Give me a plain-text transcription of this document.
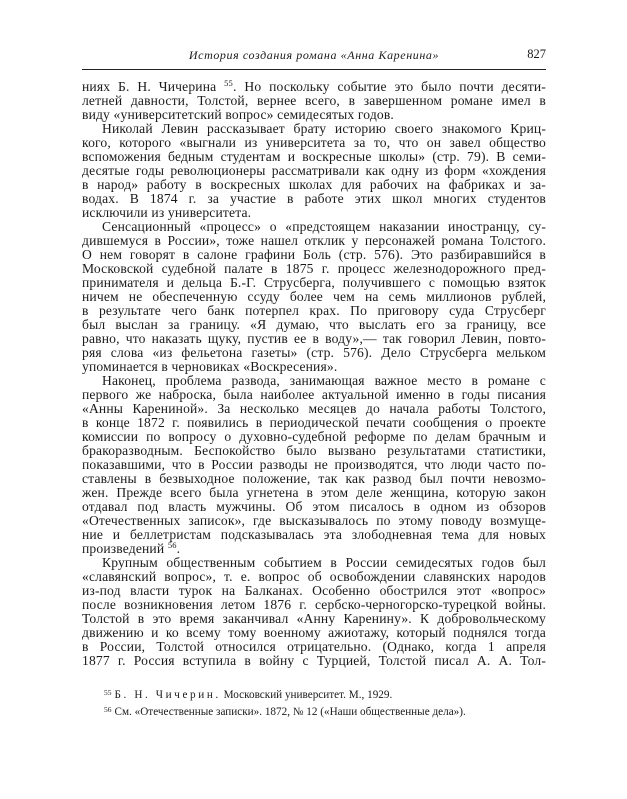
История создания романа «Анна Каренина»	827
ниях Б. Н. Чичерина $^{55}$. Но поскольку событие это было почти десяти-
летней давности, Толстой, вернее всего, в завершенном романе имел в
виду «университетский вопрос» семидесятых годов.
Николай Левин рассказывает брату историю своего знакомого Криц-
кого, которого «выгнали из университета за то, что он завел общество
вспоможения бедным студентам и воскресные школы» (стр. 79). В семи-
десятые годы революционеры рассматривали как одну из форм «хождения
в народ» работу в воскресных школах для рабочих на фабриках и за-
водах. В 1874 г. за участие в работе этих школ многих студентов
исключили из университета.
Сенсационный «процесс» о «предстоящем наказании иностранцу, су-
дившемуся в России», тоже нашел отклик у персонажей романа Толстого.
О нем говорят в салоне графини Боль (стр. 576). Это разбиравшийся в
Московской судебной палате в 1875 г. процесс железнодорожного пред-
принимателя и дельца Б.-Г. Струсберга, получившего с помощью взяток
ничем не обеспеченную ссуду более чем на семь миллионов рублей,
в результате чего банк потерпел крах. По приговору суда Струсберг
был выслан за границу. «Я думаю, что выслать его за границу, все
равно, что наказать щуку, пустив ее в воду»,— так говорил Левин, повто-
ряя слова «из фельетона газеты» (стр. 576). Дело Струсберга мельком
упоминается в черновиках «Воскресения».
Наконец, проблема развода, занимающая важное место в романе с
первого же наброска, была наиболее актуальной именно в годы писания
«Анны Карениной». За несколько месяцев до начала работы Толстого,
в конце 1872 г. появились в периодической печати сообщения о проекте
комиссии по вопросу о духовно-судебной реформе по делам брачным и
бракоразводным. Беспокойство было вызвано результатами статистики,
показавшими, что в России разводы не производятся, что люди часто по-
ставлены в безвыходное положение, так как развод был почти невозмо-
жен. Прежде всего была угнетена в этом деле женщина, которую закон
отдавал под власть мужчины. Об этом писалось в одном из обзоров
«Отечественных записок», где высказывалось по этому поводу возмуще-
ние и беллетристам подсказывалась эта злободневная тема для новых
произведений $^{56}$.
Крупным общественным событием в России семидесятых годов был
«славянский вопрос», т. е. вопрос об освобождении славянских народов
из-под власти турок на Балканах. Особенно обострился этот «вопрос»
после возникновения летом 1876 г. сербско-черногорско-турецкой войны.
Толстой в это время заканчивал «Анну Каренину». К добровольческому
движению и ко всему тому военному ажиотажу, который поднялся тогда
в России, Толстой относился отрицательно. (Однако, когда 1 апреля
1877 г. Россия вступила в войну с Турцией, Толстой писал А. А. Тол-
$^{55}$ Б. Н. Чичерин. Московский университет. М., 1929.
$^{56}$ См. «Отечественные записки». 1872, № 12 («Наши общественные дела»).
